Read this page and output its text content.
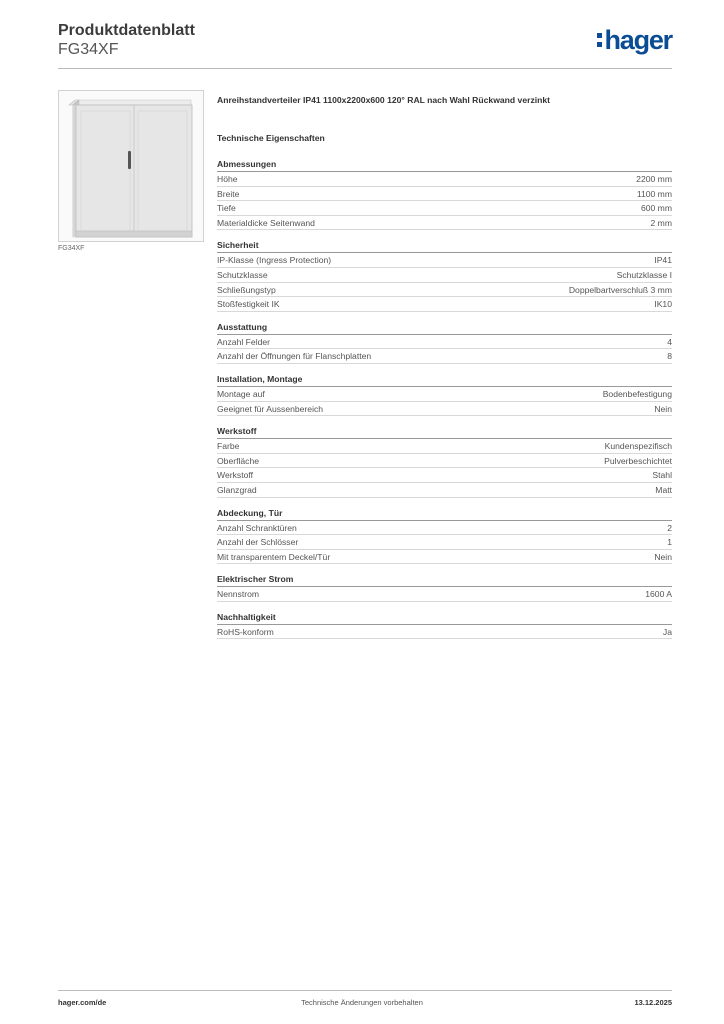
Produktdatenblatt
FG34XF	hager
FG34XF
Anreihstandverteiler IP41 1100x2200x600 120° RAL nach Wahl Rückwand verzinkt
Technische Eigenschaften
Abmessungen
Höhe	2200 mm
Breite	1100 mm
Tiefe	600 mm
Materialdicke Seitenwand	2 mm
Sicherheit
IP-Klasse (Ingress Protection)	IP41
Schutzklasse	Schutzklasse I
Schließungstyp	Doppelbartverschluß 3 mm
Stoßfestigkeit IK	IK10
Ausstattung
Anzahl Felder	4
Anzahl der Öffnungen für Flanschplatten	8
Installation, Montage
Montage auf	Bodenbefestigung
Geeignet für Aussenbereich	Nein
Werkstoff
Farbe	Kundenspezifisch
Oberfläche	Pulverbeschichtet
Werkstoff	Stahl
Glanzgrad	Matt
Abdeckung, Tür
Anzahl Schranktüren	2
Anzahl der Schlösser	1
Mit transparentem Deckel/Tür	Nein
Elektrischer Strom
Nennstrom	1600 A
Nachhaltigkeit
RoHS-konform	Ja
hager.com/de	Technische Änderungen vorbehalten	13.12.2025
